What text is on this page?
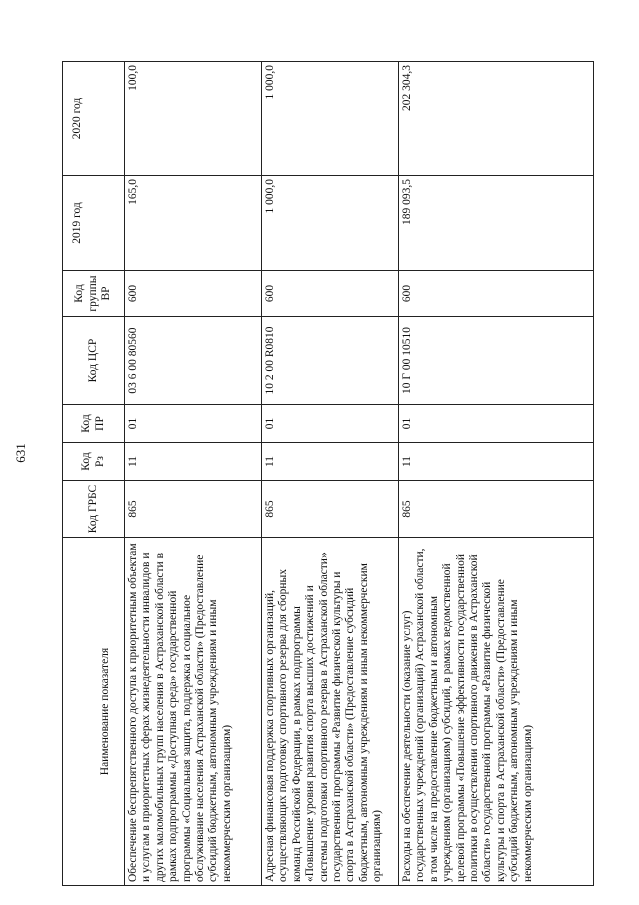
631
Наименование показателя	Код ГРБС	Код Рз	Код ПР	Код ЦСР	Код группы ВР	2019 год	2020 год
Обеспечение беспрепятственного доступа к приоритетным объектам и услугам в приоритетных сферах жизнедеятельности инвалидов и других маломобильных групп населения в Астраханской области в рамках подпрограммы «Доступная среда» государственной программы «Социальная защита, поддержка и социальное обслуживание населения Астраханской области» (Предоставление субсидий бюджетным, автономным учреждениям и иным некоммерческим организациям)	865	11	01	03 6 00 80560	600	165,0	100,0
Адресная финансовая поддержка спортивных организаций, осуществляющих подготовку спортивного резерва для сборных команд Российской Федерации, в рамках подпрограммы «Повышение уровня развития спорта высших достижений и системы подготовки спортивного резерва в Астраханской области» государственной программы «Развитие физической культуры и спорта в Астраханской области» (Предоставление субсидий бюджетным, автономным учреждениям и иным некоммерческим организациям)	865	11	01	10 2 00 R0810	600	1 000,0	1 000,0
Расходы на обеспечение деятельности (оказание услуг) государственных учреждений (организаций) Астраханской области, в том числе на предоставление бюджетным и автономным учреждениям (организациям) субсидий, в рамках ведомственной целевой программы «Повышение эффективности государственной политики в осуществлении спортивного движения в Астраханской области» государственной программы «Развитие физической культуры и спорта в Астраханской области» (Предоставление субсидий бюджетным, автономным учреждениям и иным некоммерческим организациям)	865	11	01	10 Г 00 10510	600	189 093,5	202 304,3
